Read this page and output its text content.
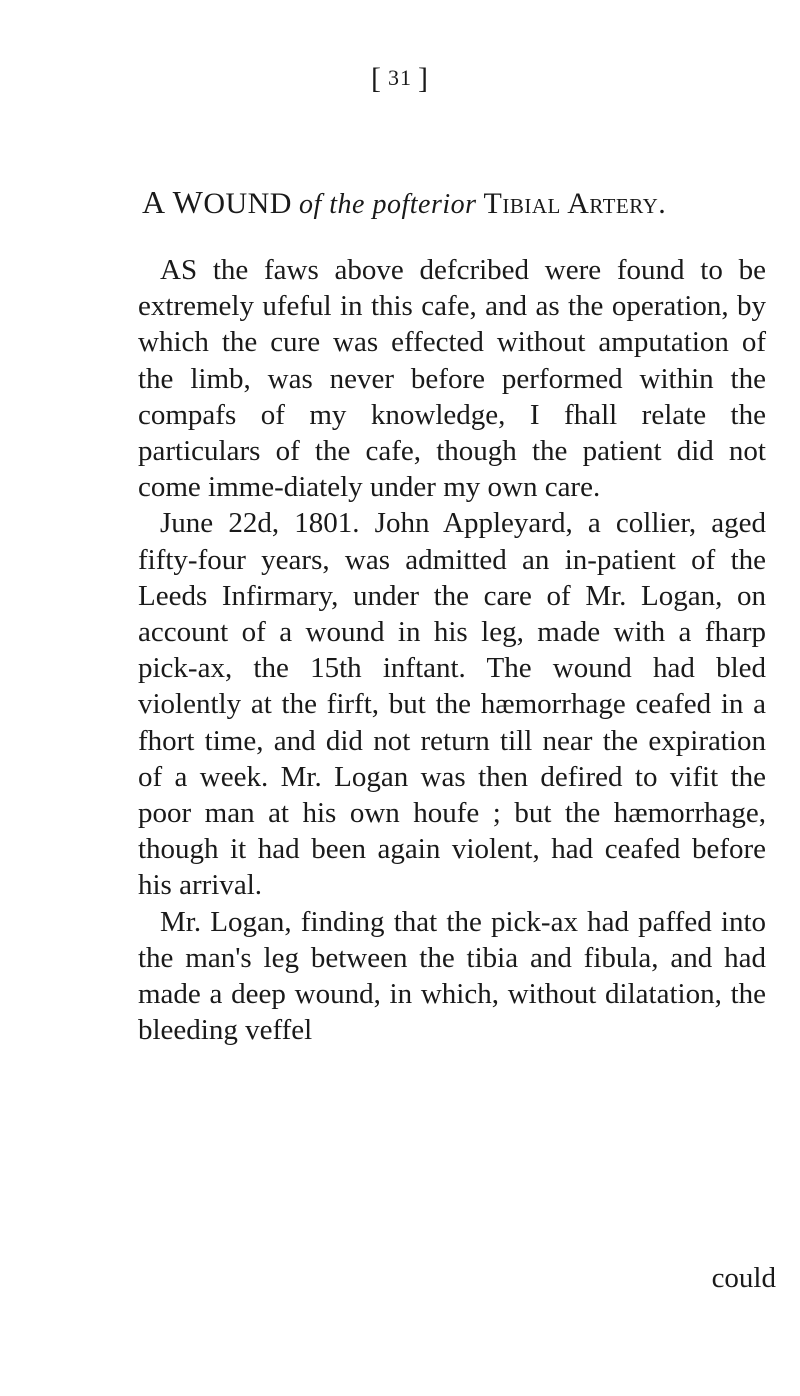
[ 31 ]
A WOUND of the pofterior Tibial Artery.

AS the faws above defcribed were found to be extremely ufeful in this cafe, and as the operation, by which the cure was effected without amputation of the limb, was never before performed within the compafs of my knowledge, I fhall relate the particulars of the cafe, though the patient did not come imme-diately under my own care.

June 22d, 1801. John Appleyard, a collier, aged fifty-four years, was admitted an in-patient of the Leeds Infirmary, under the care of Mr. Logan, on account of a wound in his leg, made with a fharp pick-ax, the 15th inftant. The wound had bled violently at the firft, but the hæmorrhage ceafed in a fhort time, and did not return till near the expiration of a week. Mr. Logan was then defired to vifit the poor man at his own houfe ; but the hæmorrhage, though it had been again violent, had ceafed before his arrival.

Mr. Logan, finding that the pick-ax had paffed into the man's leg between the tibia and fibula, and had made a deep wound, in which, without dilatation, the bleeding veffel

could
